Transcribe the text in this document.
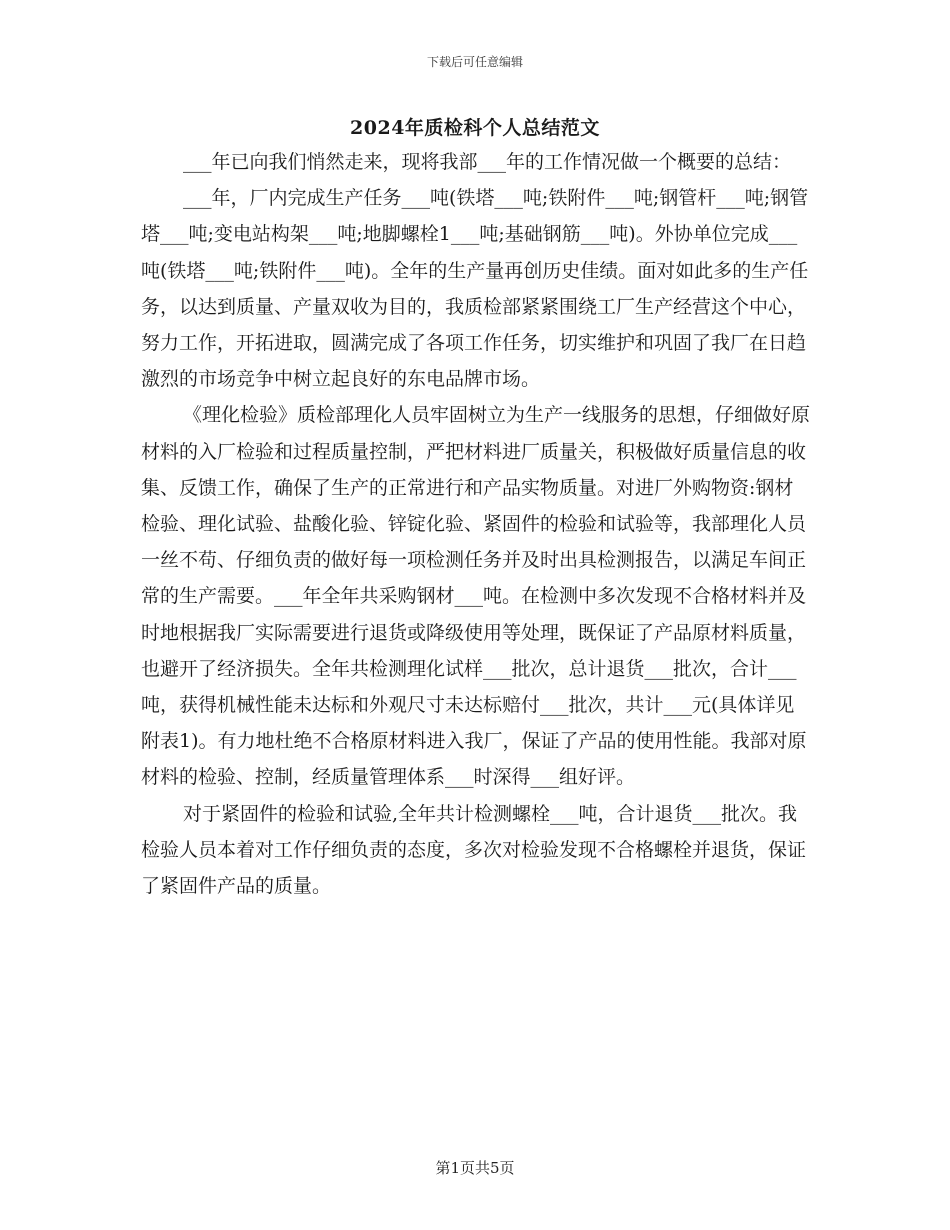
下载后可任意编辑
2024年质检科个人总结范文

___年已向我们悄然走来，现将我部___年的工作情况做一个概要的总结：

___年，厂内完成生产任务___吨(铁塔___吨;铁附件___吨;钢管杆___吨;钢管塔___吨;变电站构架___吨;地脚螺栓1___吨;基础钢筋___吨)。外协单位完成___吨(铁塔___吨;铁附件___吨)。全年的生产量再创历史佳绩。面对如此多的生产任务，以达到质量、产量双收为目的，我质检部紧紧围绕工厂生产经营这个中心，努力工作，开拓进取，圆满完成了各项工作任务，切实维护和巩固了我厂在日趋激烈的市场竞争中树立起良好的东电品牌市场。

《理化检验》质检部理化人员牢固树立为生产一线服务的思想，仔细做好原材料的入厂检验和过程质量控制，严把材料进厂质量关，积极做好质量信息的收集、反馈工作，确保了生产的正常进行和产品实物质量。对进厂外购物资:钢材检验、理化试验、盐酸化验、锌锭化验、紧固件的检验和试验等，我部理化人员一丝不苟、仔细负责的做好每一项检测任务并及时出具检测报告，以满足车间正常的生产需要。___年全年共采购钢材___吨。在检测中多次发现不合格材料并及时地根据我厂实际需要进行退货或降级使用等处理，既保证了产品原材料质量，也避开了经济损失。全年共检测理化试样___批次，总计退货___批次，合计___吨，获得机械性能未达标和外观尺寸未达标赔付___批次，共计___元(具体详见附表1)。有力地杜绝不合格原材料进入我厂，保证了产品的使用性能。我部对原材料的检验、控制，经质量管理体系___时深得___组好评。

对于紧固件的检验和试验,全年共计检测螺栓___吨，合计退货___批次。我检验人员本着对工作仔细负责的态度，多次对检验发现不合格螺栓并退货，保证了紧固件产品的质量。

第1页共5页
